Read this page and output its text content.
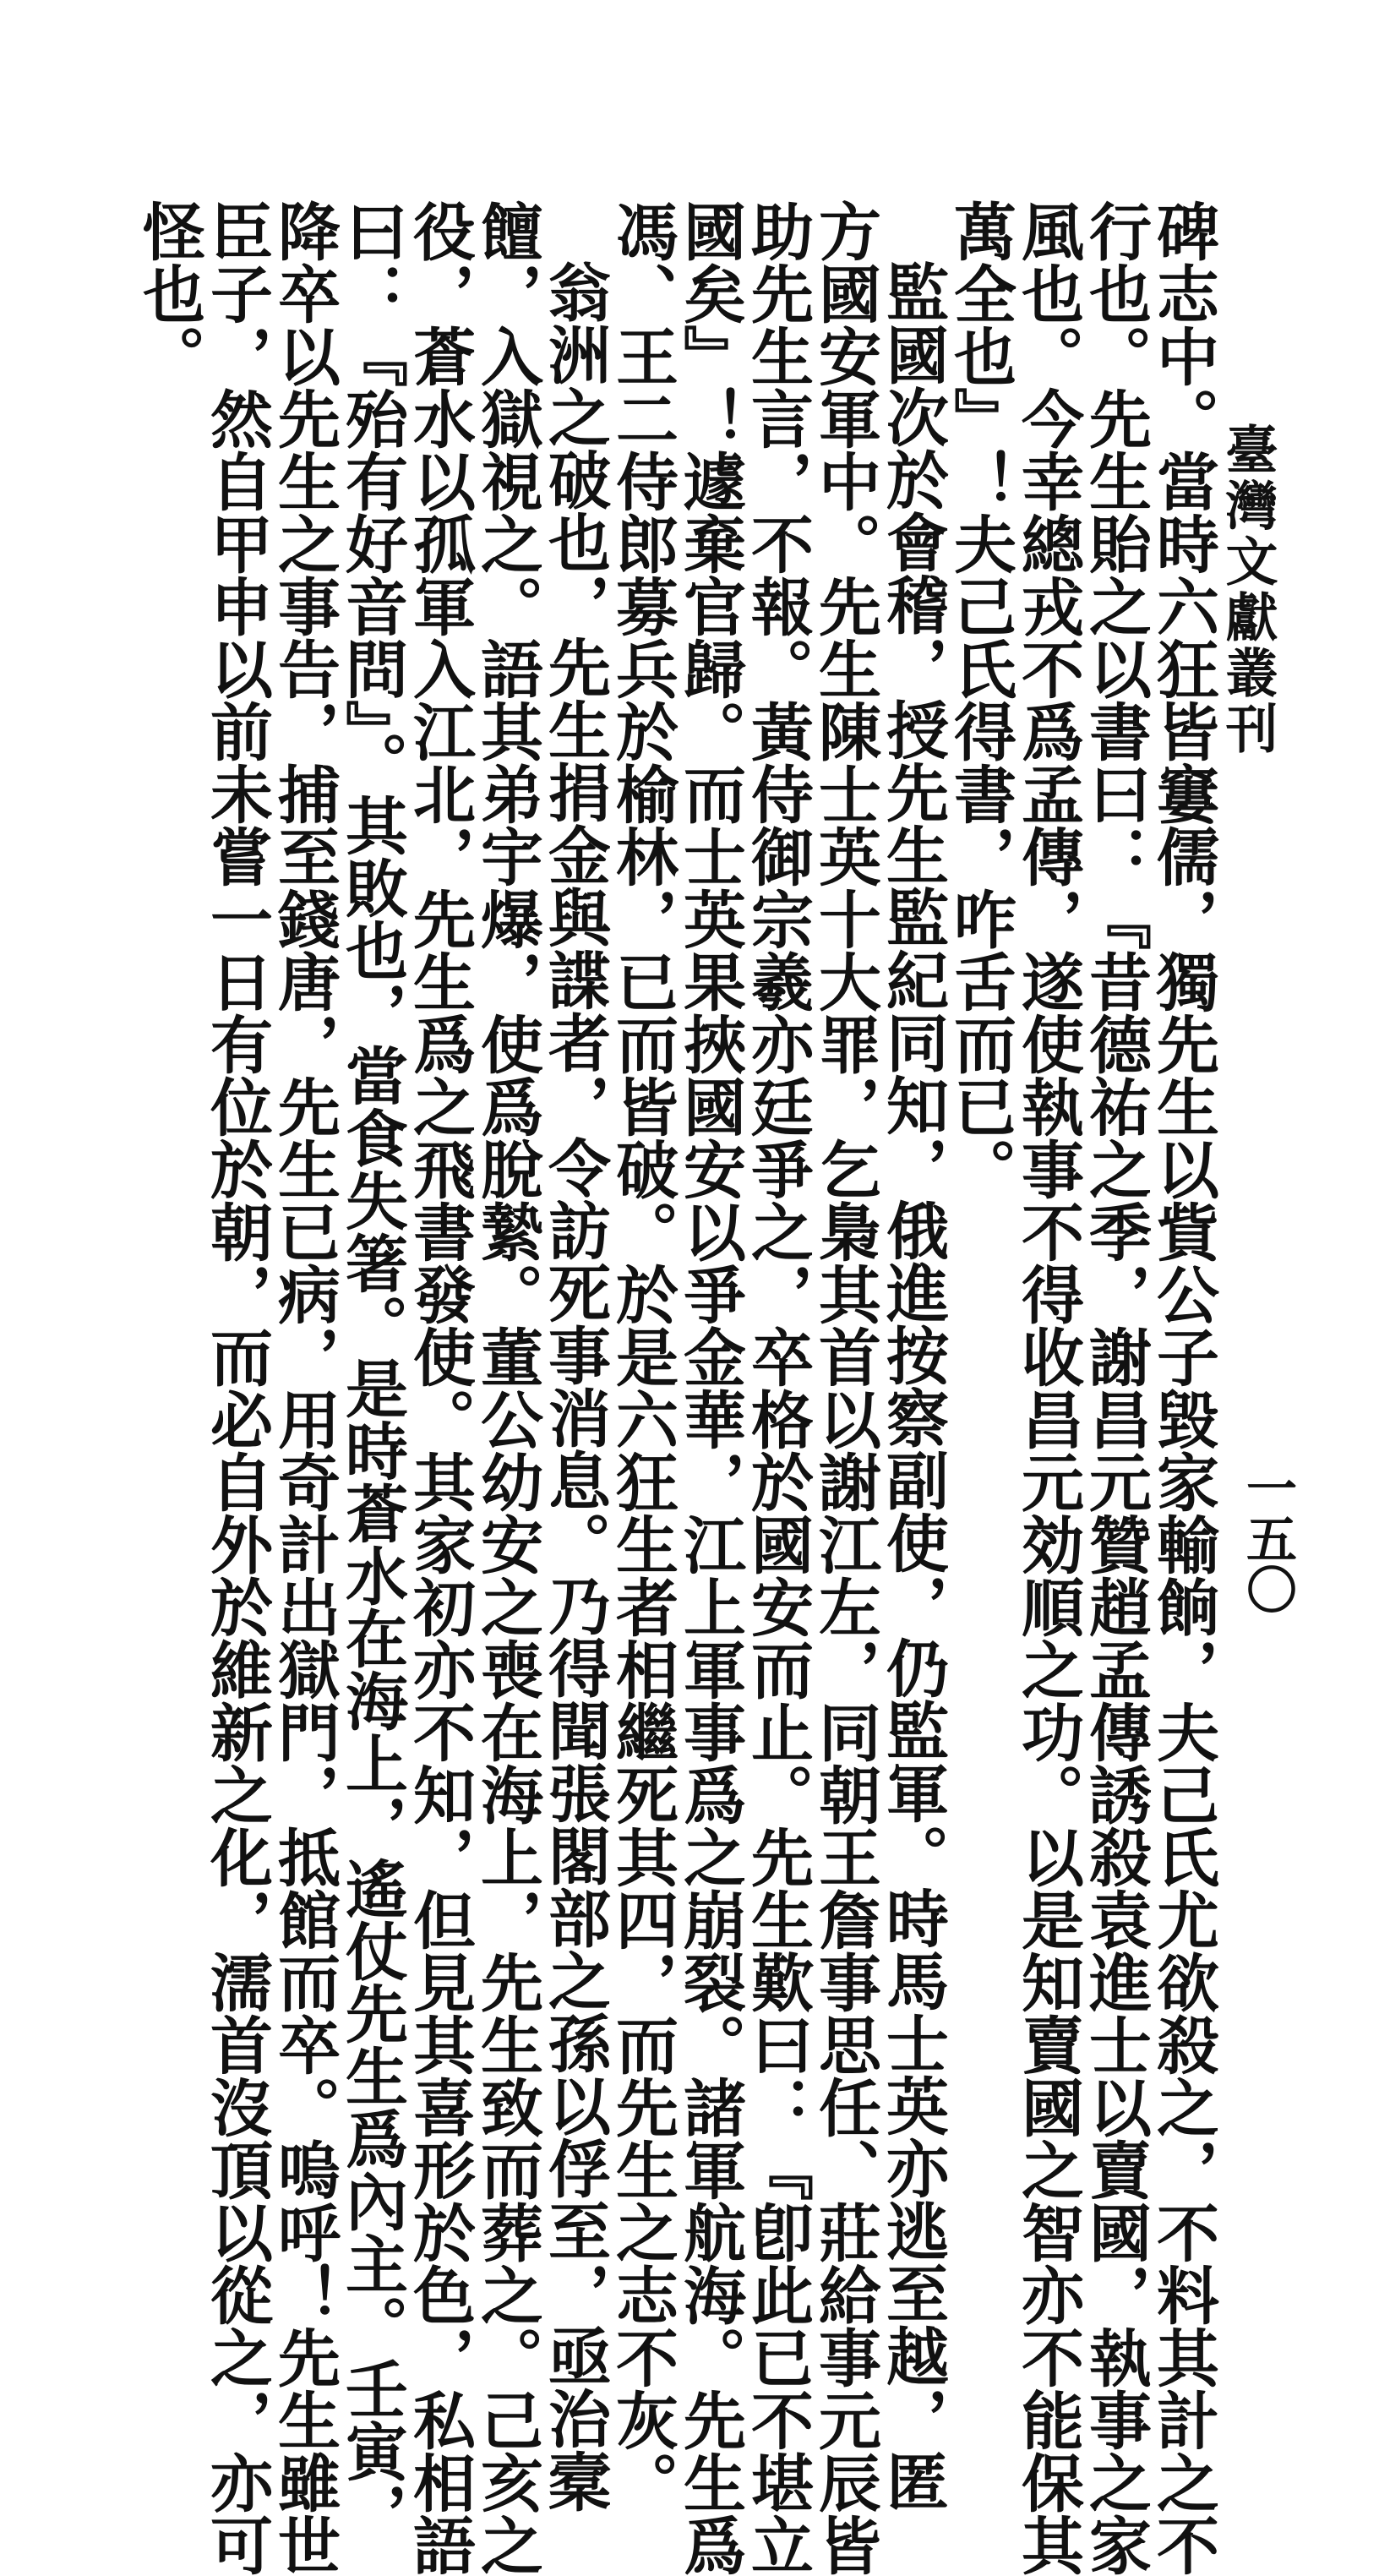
臺灣文獻叢刊
一五〇
碑志中。當時六狂皆窶儒，獨先生以貲公子毀家輸餉，夫己氏尤欲殺之，不料其計之不
行也。先生貽之以書曰：『昔德祐之季，謝昌元贊趙孟傳誘殺袁進士以賣國，執事之家
風也。今幸總戎不爲孟傳，遂使執事不得收昌元効順之功。以是知賣國之智亦不能保其
萬全也』！夫己氏得書，咋舌而已。
監國次於會稽，授先生監紀同知，俄進按察副使，仍監軍。時馬士英亦逃至越，匿
方國安軍中。先生陳士英十大罪，乞梟其首以謝江左，同朝王詹事思任、莊給事元辰皆
助先生言，不報。黃侍御宗羲亦廷爭之，卒格於國安而止。先生歎曰：『卽此已不堪立
國矣』！遽棄官歸。而士英果挾國安以爭金華，江上軍事爲之崩裂。諸軍航海。先生爲
馮、王二侍郎募兵於榆林，已而皆破。於是六狂生者相繼死其四，而先生之志不灰。
翁洲之破也，先生捐金與諜者，令訪死事消息。乃得聞張閣部之孫以俘至，亟治槖
饘，入獄視之。語其弟宇爆，使爲脫縶。董公幼安之喪在海上，先生致而葬之。己亥之
役，蒼水以孤軍入江北，先生爲之飛書發使。其家初亦不知，但見其喜形於色，私相語
曰：『殆有好音問』。其敗也，當食失箸。是時蒼水在海上，遙仗先生爲內主。壬寅，
降卒以先生之事告，捕至錢唐，先生已病，用奇計出獄門，抵館而卒。嗚呼！先生雖世
臣子，然自甲申以前未嘗一日有位於朝，而必自外於維新之化，濡首沒頂以從之，亦可
怪也。
